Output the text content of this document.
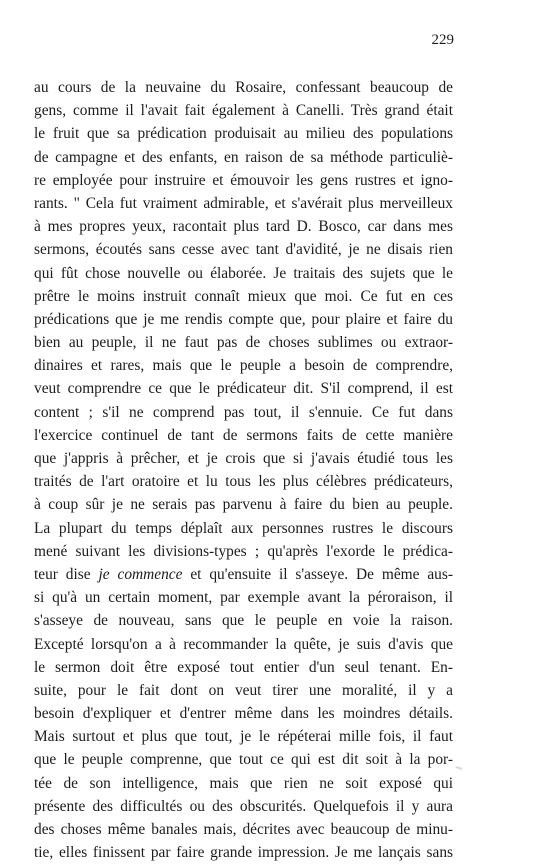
229
au cours de la neuvaine du Rosaire, confessant beaucoup de
gens, comme il l'avait fait également à Canelli. Très grand était
le fruit que sa prédication produisait au milieu des populations
de campagne et des enfants, en raison de sa méthode particuliè-
re employée pour instruire et émouvoir les gens rustres et igno-
rants. " Cela fut vraiment admirable, et s'avérait plus merveilleux
à mes propres yeux, racontait plus tard D. Bosco, car dans mes
sermons, écoutés sans cesse avec tant d'avidité, je ne disais rien
qui fût chose nouvelle ou élaborée. Je traitais des sujets que le
prêtre le moins instruit connaît mieux que moi. Ce fut en ces
prédications que je me rendis compte que, pour plaire et faire du
bien au peuple, il ne faut pas de choses sublimes ou extraor-
dinaires et rares, mais que le peuple a besoin de comprendre,
veut comprendre ce que le prédicateur dit. S'il comprend, il est
content ; s'il ne comprend pas tout, il s'ennuie. Ce fut dans
l'exercice continuel de tant de sermons faits de cette manière
que j'appris à prêcher, et je crois que si j'avais étudié tous les
traités de l'art oratoire et lu tous les plus célèbres prédicateurs,
à coup sûr je ne serais pas parvenu à faire du bien au peuple.
La plupart du temps déplaît aux personnes rustres le discours
mené suivant les divisions-types ; qu'après l'exorde le prédica-
teur dise je commence et qu'ensuite il s'asseye. De même aus-
si qu'à un certain moment, par exemple avant la péroraison, il
s'asseye de nouveau, sans que le peuple en voie la raison.
Excepté lorsqu'on a à recommander la quête, je suis d'avis que
le sermon doit être exposé tout entier d'un seul tenant. En-
suite, pour le fait dont on veut tirer une moralité, il y a
besoin d'expliquer et d'entrer même dans les moindres détails.
Mais surtout et plus que tout, je le répéterai mille fois, il faut
que le peuple comprenne, que tout ce qui est dit soit à la por-
tée de son intelligence, mais que rien ne soit exposé qui
présente des difficultés ou des obscurités. Quelquefois il y aura
des choses même banales mais, décrites avec beaucoup de minu-
tie, elles finissent par faire grande impression. Je me lançais sans
